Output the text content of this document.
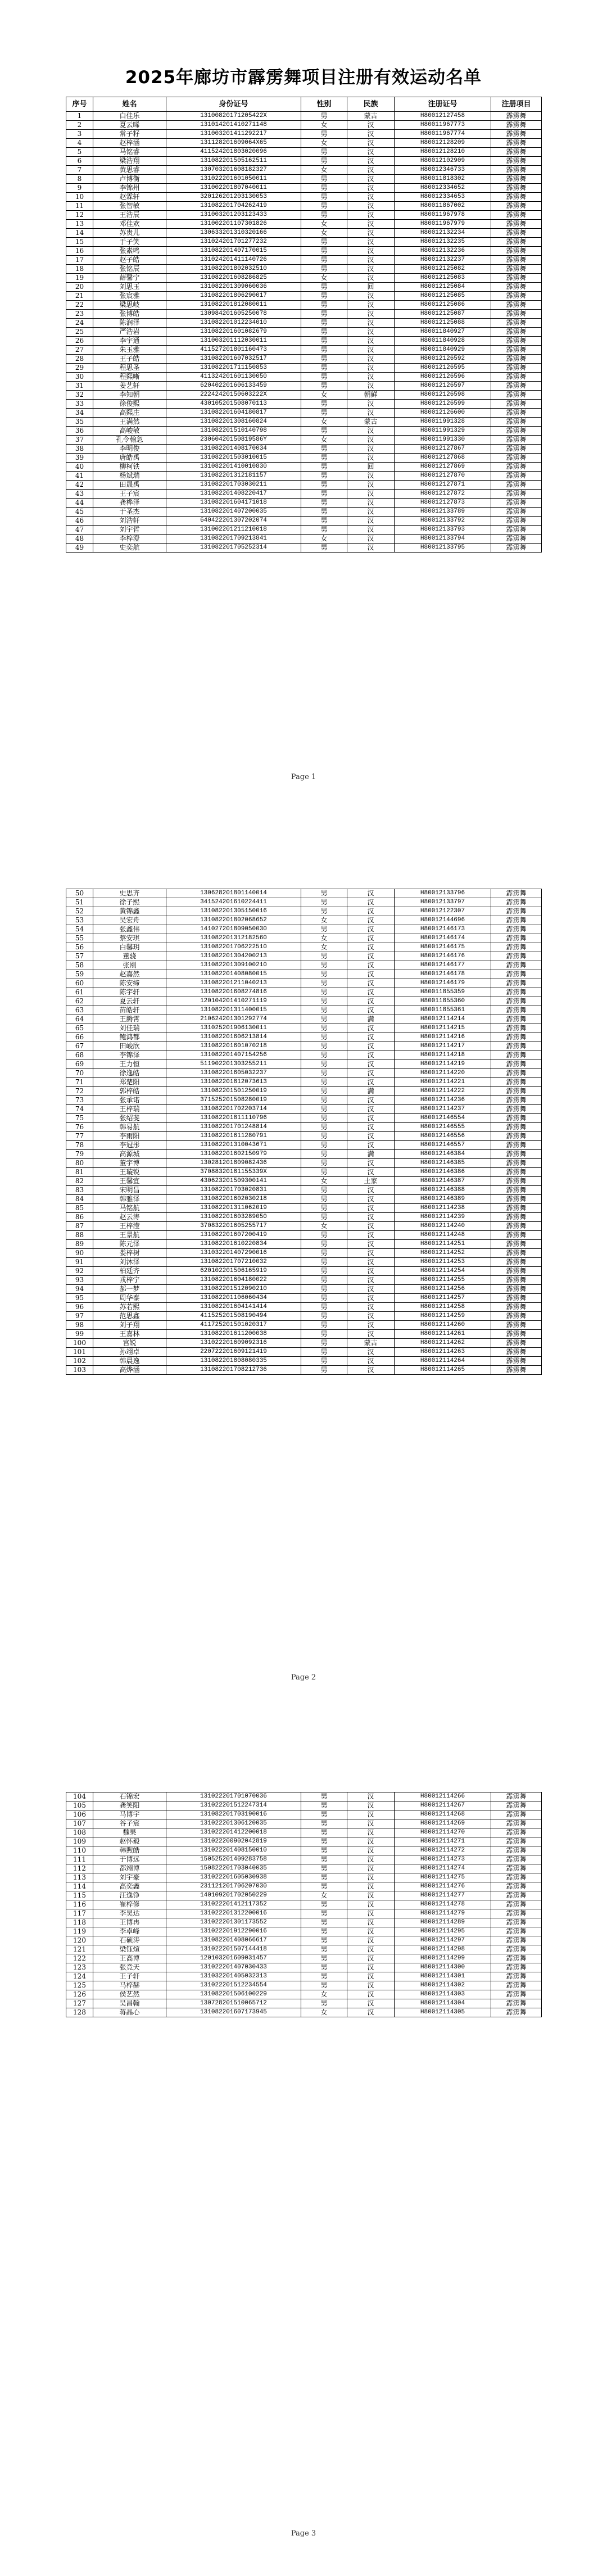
2025年廊坊市霹雳舞项目注册有效运动名单
序号	姓名	身份证号	性别	民族	注册证号	注册项目
1	白佳乐	13100820171205422X	男	蒙古	H80012127458	霹雳舞
2	夏云晞	131014201410271148	女	汉	H80011967773	霹雳舞
3	常子籽	131003201411292217	男	汉	H80011967774	霹雳舞
4	赵梓涵	131128201609064X65	女	汉	H80012128209	霹雳舞
5	马铭睿	411524201803020096	男	汉	H80012128210	霹雳舞
6	梁浩翔	131082201505162511	男	汉	H80012102909	霹雳舞
7	黄思睿	130703201608182327	女	汉	H80012346733	霹雳舞
8	卢博衡	131022201601050011	男	汉	H80011818302	霹雳舞
9	李锦州	131002201807040011	男	汉	H80012334652	霹雳舞
10	赵霖轩	320126201203130053	男	汉	H80012334653	霹雳舞
11	张智敏	131082201704262419	男	汉	H80011867002	霹雳舞
12	王浩辰	131003201203123433	男	汉	H80011967978	霹雳舞
13	邓佳欢	131002201107301826	女	汉	H80011967979	霹雳舞
14	苏贵儿	130633201310320166	女	汉	H80012132234	霹雳舞
15	于子笑	131024201701277232	男	汉	H80012132235	霹雳舞
16	张素鸣	131082201407170015	男	汉	H80012132236	霹雳舞
17	赵子皓	131024201411140726	男	汉	H80012132237	霹雳舞
18	张铭辰	131082201802032510	男	汉	H80012125082	霹雳舞
19	薛馨宁	131082201608286825	女	汉	H80012125083	霹雳舞
20	刘思玉	131082201309060036	男	回	H80012125084	霹雳舞
21	张宸雅	131082201806290017	男	汉	H80012125085	霹雳舞
22	梁思岐	131082201812080011	男	汉	H80012125086	霹雳舞
23	张博皓	130984201605250078	男	汉	H80012125087	霹雳舞
24	陈润泽	131082201012234010	男	汉	H80012125088	霹雳舞
25	严浩岩	131082201601082679	男	汉	H80011840927	霹雳舞
26	李宇通	131003201112030011	男	汉	H80011840928	霹雳舞
27	朱玉雅	411527201801160473	男	汉	H80011840929	霹雳舞
28	王子皓	131082201607032517	男	汉	H80012126592	霹雳舞
29	程思圣	131082201711150853	男	汉	H80012126595	霹雳舞
30	程熙晰	411324201601130050	男	汉	H80012126596	霹雳舞
31	姜艺轩	620402201606133459	男	汉	H80012126597	霹雳舞
32	李知朝	22242420150603222X	女	朝鲜	H80012126598	霹雳舞
33	徐俊熙	430105201508070113	男	汉	H80012126599	霹雳舞
34	高熙庄	131082201604180817	男	汉	H80012126600	霹雳舞
35	王满然	131082201308160824	女	蒙古	H80011991328	霹雳舞
36	高峻敏	131082201510140798	男	汉	H80011991329	霹雳舞
37	孔令翰忽	23060420150819586Y	女	汉	H80011991330	霹雳舞
38	李明俊	131082201408170034	男	汉	H80012127867	霹雳舞
39	唐皓禹	131082201503010015	男	汉	H80012127868	霹雳舞
40	柳柯铁	131082201410010830	男	回	H80012127869	霹雳舞
41	杨斌瑞	131082201312181157	男	汉	H80012127870	霹雳舞
42	田晟禹	131082201703030211	男	汉	H80012127871	霹雳舞
43	王子宸	131082201408220417	男	汉	H80012127872	霹雳舞
44	龚桦泽	131082201604171018	男	汉	H80012127873	霹雳舞
45	于圣杰	131082201407200035	男	汉	H80012133789	霹雳舞
46	刘浩轩	640422201307202074	男	汉	H80012133792	霹雳舞
47	刘宇哲	131002201211210018	男	汉	H80012133793	霹雳舞
48	李梓澄	131082201709213841	女	汉	H80012133794	霹雳舞
49	史奕航	131082201705252314	男	汉	H80012133795	霹雳舞
Page 1
50	史思齐	130628201801140014	男	汉	H80012133796	霹雳舞
51	徐子熙	341524201610224411	男	汉	H80012133797	霹雳舞
52	黄锦鑫	131082201305150016	男	汉	H80012122307	霹雳舞
53	吴宏舟	131082201802068652	女	汉	H80012144696	霹雳舞
54	张鑫伟	141027201809050030	男	汉	H80012146173	霹雳舞
55	蔡安琪	131082201312182560	女	汉	H80012146174	霹雳舞
56	白馨玥	131082201706222510	女	汉	H80012146175	霹雳舞
57	董骁	131082201304200213	男	汉	H80012146176	霹雳舞
58	张刚	131082201309100210	男	汉	H80012146177	霹雳舞
59	赵嘉然	131082201408080015	男	汉	H80012146178	霹雳舞
60	陈安缔	131082201211040213	男	汉	H80012146179	霹雳舞
61	陈宇轩	131082201608274816	男	汉	H80011855359	霹雳舞
62	夏云轩	120104201410271119	男	汉	H80011855360	霹雳舞
63	苗皓轩	131082201311400015	男	汉	H80011855361	霹雳舞
64	王腾霄	210624201301292774	男	满	H80012114214	霹雳舞
65	刘佳瑞	131025201906130011	男	汉	H80012114215	霹雳舞
66	鲍鸿都	131082201606213814	男	汉	H80012114216	霹雳舞
67	田峻欣	131082201601070218	男	汉	H80012114217	霹雳舞
68	李锦泽	131082201407154256	男	汉	H80012114218	霹雳舞
69	王力恒	511902201303255211	男	汉	H80012114219	霹雳舞
70	徐逸皓	131082201605032237	男	汉	H80012114220	霹雳舞
71	郑楚阳	131082201812073613	男	汉	H80012114221	霹雳舞
72	郭梓皓	131082201501250019	男	满	H80012114222	霹雳舞
73	张承诺	371525201508280019	男	汉	H80012114236	霹雳舞
74	王梓瑞	131082201702203714	男	汉	H80012114237	霹雳舞
75	张绍斐	131082201811110796	男	汉	H80012146554	霹雳舞
76	韩易航	131082201701248814	男	汉	H80012146555	霹雳舞
77	李雨阳	131082201611280791	男	汉	H80012146556	霹雳舞
78	李冠彤	131082201310043671	男	汉	H80012146557	霹雳舞
79	高源城	131082201602150979	男	满	H80012146384	霹雳舞
80	董宇博	130281201809082436	男	汉	H80012146385	霹雳舞
81	王璇锐	37088320181155339X	男	汉	H80012146386	霹雳舞
82	王馨宜	430623201509300141	女	土家	H80012146387	霹雳舞
83	宋明昌	131082201703020831	男	汉	H80012146388	霹雳舞
84	韩雅泽	131082201602030218	男	汉	H80012146389	霹雳舞
85	马铭航	131082201311062019	男	汉	H80012114238	霹雳舞
86	赵云涛	131082201603289050	男	汉	H80012114239	霹雳舞
87	王梓滢	370832201605255717	女	汉	H80012114240	霹雳舞
88	王景航	131082201607200419	男	汉	H80012114248	霹雳舞
89	陈元泽	131082201610220834	男	汉	H80012114251	霹雳舞
90	娄梓树	131032201407290016	男	汉	H80012114252	霹雳舞
91	刘沐泽	131082201707210032	男	汉	H80012114253	霹雳舞
92	柏廷齐	620102201506165919	男	汉	H80012114254	霹雳舞
93	戎梓宁	131082201604180022	男	汉	H80012114255	霹雳舞
94	郝一梦	131082201512090210	男	汉	H80012114256	霹雳舞
95	周华泰	131082201106060434	男	汉	H80012114257	霹雳舞
96	苏若熙	131082201604141414	男	汉	H80012114258	霹雳舞
97	范思鑫	411525201508190494	男	汉	H80012114259	霹雳舞
98	刘子翔	411725201501020317	男	汉	H80012114260	霹雳舞
99	王嘉林	131082201611200038	男	汉	H80012114261	霹雳舞
100	宫锐	131022201609092316	男	蒙古	H80012114262	霹雳舞
101	孙翊卓	220722201609121419	男	汉	H80012114263	霹雳舞
102	韩晨逸	131082201808080335	男	汉	H80012114264	霹雳舞
103	高烨涵	131082201708212736	男	汉	H80012114265	霹雳舞
Page 2
104	石锦宏	131022201701070036	男	汉	H80012114266	霹雳舞
105	龚笑阳	131022201512247314	男	汉	H80012114267	霹雳舞
106	马博宇	131082201703190016	男	汉	H80012114268	霹雳舞
107	谷子宸	131022201306120035	男	汉	H80012114269	霹雳舞
108	魏果	131022201412200018	男	汉	H80012114270	霹雳舞
109	赵怀毅	131022200902042819	男	汉	H80012114271	霹雳舞
110	韩煦皓	131022201408150010	男	汉	H80012114272	霹雳舞
111	于博远	150525201409283758	男	汉	H80012114273	霹雳舞
112	都翊博	150822201703040035	男	汉	H80012114274	霹雳舞
113	刘宇豪	131022201605030938	男	汉	H80012114275	霹雳舞
114	高奕鑫	231121201706207030	男	汉	H80012114276	霹雳舞
115	汪逸铮	140109201702050229	女	汉	H80012114277	霹雳舞
116	崔梓修	131022201412117352	男	汉	H80012114278	霹雳舞
117	李昊达	131022201312200016	男	汉	H80012114279	霹雳舞
118	王博冉	131022201301173552	男	汉	H80012114289	霹雳舞
119	李卓峰	131022201912290016	男	汉	H80012114295	霹雳舞
120	石硕涛	131082201408066617	男	汉	H80012114297	霹雳舞
121	梁钰煊	131022201507144418	男	汉	H80012114298	霹雳舞
122	王高博	120103201609031457	男	汉	H80012114299	霹雳舞
123	张竞天	131022201407030433	男	汉	H80012114300	霹雳舞
124	王子轩	131032201405032313	男	汉	H80012114301	霹雳舞
125	马梓赫	131022201512234554	男	汉	H80012114302	霹雳舞
126	侯艺然	131082201506100229	女	汉	H80012114303	霹雳舞
127	吴昌翰	130728201510065712	男	汉	H80012114304	霹雳舞
128	蒋晶心	131082201607173945	女	汉	H80012114305	霹雳舞
Page 3
